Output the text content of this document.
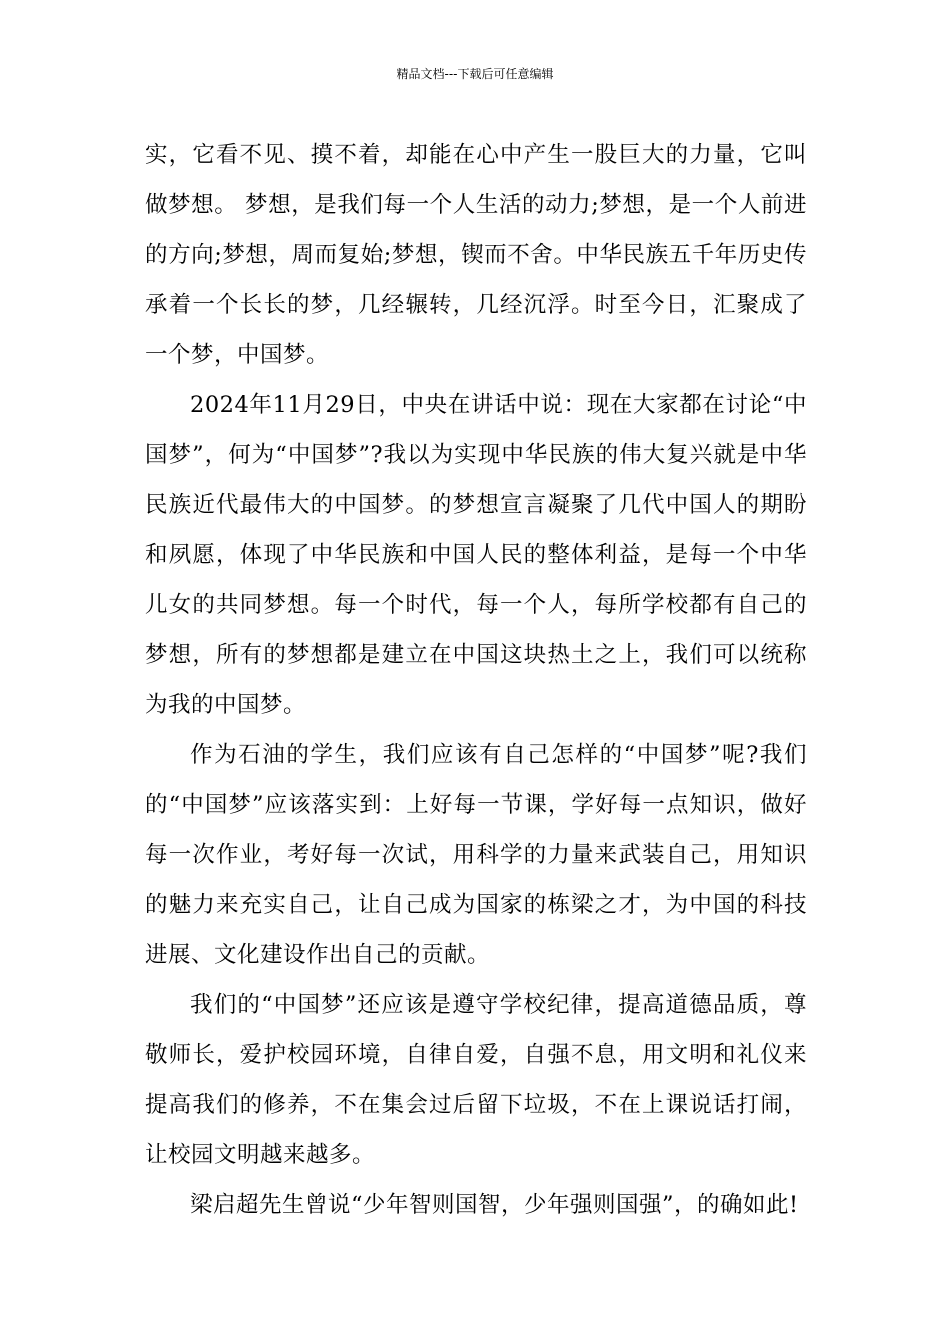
精品文档---下载后可任意编辑

实，它看不见、摸不着，却能在心中产生一股巨大的力量，它叫做梦想。 梦想，是我们每一个人生活的动力;梦想，是一个人前进的方向;梦想，周而复始;梦想，锲而不舍。中华民族五千年历史传承着一个长长的梦，几经辗转，几经沉浮。时至今日，汇聚成了一个梦，中国梦。

2024年11月29日，中央在讲话中说：现在大家都在讨论“中国梦”，何为“中国梦”?我以为实现中华民族的伟大复兴就是中华民族近代最伟大的中国梦。的梦想宣言凝聚了几代中国人的期盼和夙愿，体现了中华民族和中国人民的整体利益，是每一个中华儿女的共同梦想。每一个时代，每一个人，每所学校都有自己的梦想，所有的梦想都是建立在中国这块热土之上，我们可以统称为我的中国梦。

作为石油的学生，我们应该有自己怎样的“中国梦”呢?我们的“中国梦”应该落实到：上好每一节课，学好每一点知识，做好每一次作业，考好每一次试，用科学的力量来武装自己，用知识的魅力来充实自己，让自己成为国家的栋梁之才，为中国的科技进展、文化建设作出自己的贡献。

我们的“中国梦”还应该是遵守学校纪律，提高道德品质，尊敬师长，爱护校园环境，自律自爱，自强不息，用文明和礼仪来提高我们的修养，不在集会过后留下垃圾，不在上课说话打闹，让校园文明越来越多。

梁启超先生曾说“少年智则国智，少年强则国强”，的确如此!
